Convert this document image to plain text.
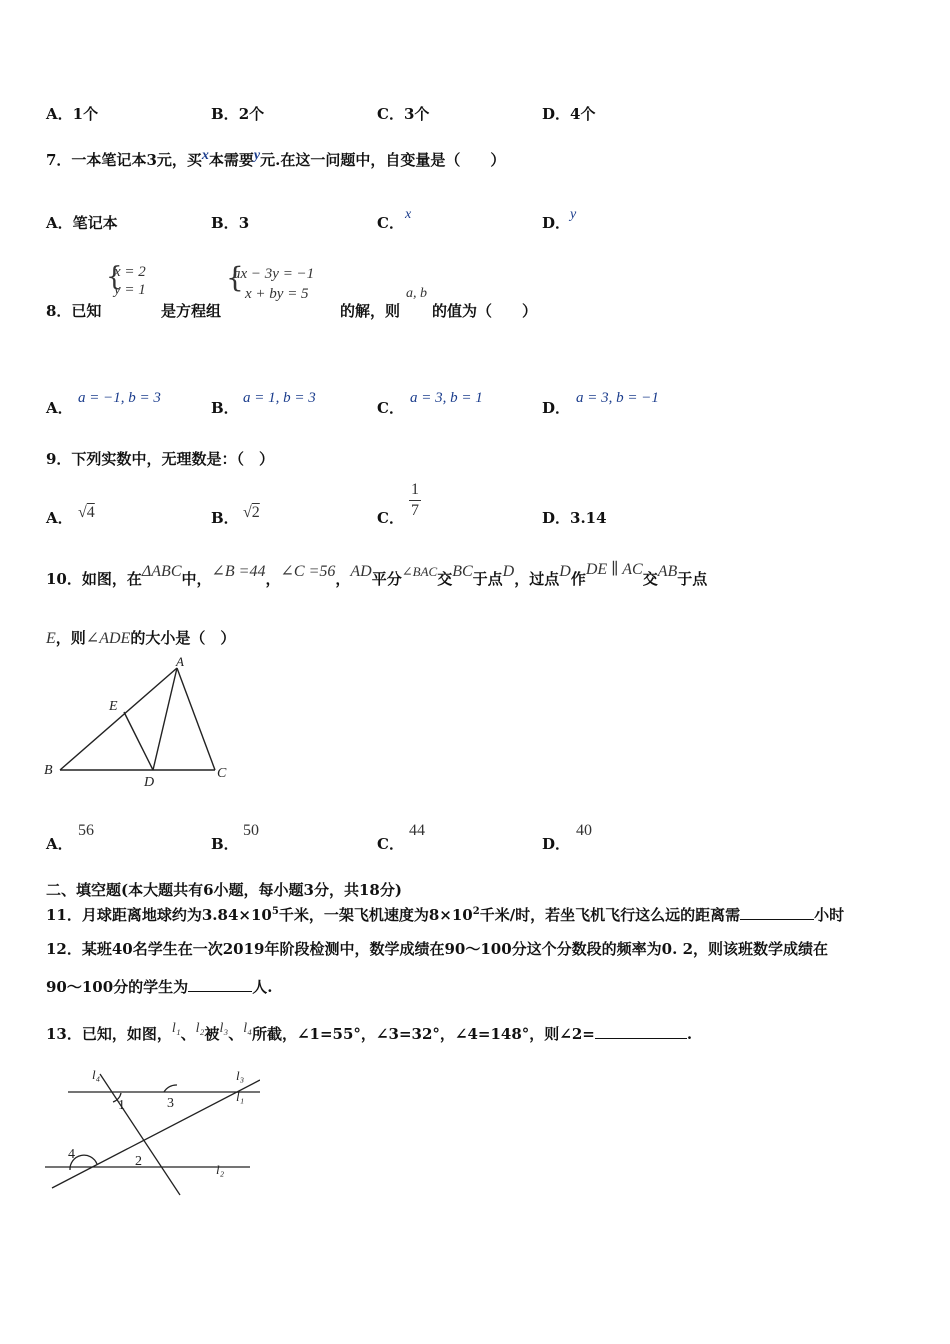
A．1个	B．2个	C．3个	D．4个
7．一本笔记本3元，买x本需要y元.在这一问题中，自变量是（　　）
A．笔记本	B．3	C． x	D． y
8．已知
{
x = 2
y = 1
是方程组
{
ax − 3y = −1
x + by = 5
的解，则
a, b
的值为（　　）
A．
a = −1, b = 3
B．
a = 1, b = 3
C．
a = 3, b = 1
D．
a = 3, b = −1
9．下列实数中，无理数是：（　）
A． √4	B． √2	C．
1
7	D．3.14
10．如图，在ΔABC中，∠B =44，∠C =56，AD平分∠BAC交BC于点D，过点D作DE ∥ AC交AB于点
E，则∠ADE的大小是（　）
A
B	C
D
E
A．
56
B．
50
C．
44
D．
40
二、填空题(本大题共有6小题，每小题3分，共18分)
11．月球距离地球约为$3.84\times 10^5$千米，一架飞机速度为$8\times 10^2$千米/时，若坐飞机飞行这么远的距离需	小时
12．某班40名学生在一次2019年阶段检测中，数学成绩在90～100分这个分数段的频率为0. 2，则该班数学成绩在
90～100分的学生为	人.
13．已知，如图，l₁、l₂被l₃、l₄所截，∠1=55°，∠3=32°，∠4=148°，则∠2=	.
l₄	l₃
l₁
l₂
1	3
4	2
